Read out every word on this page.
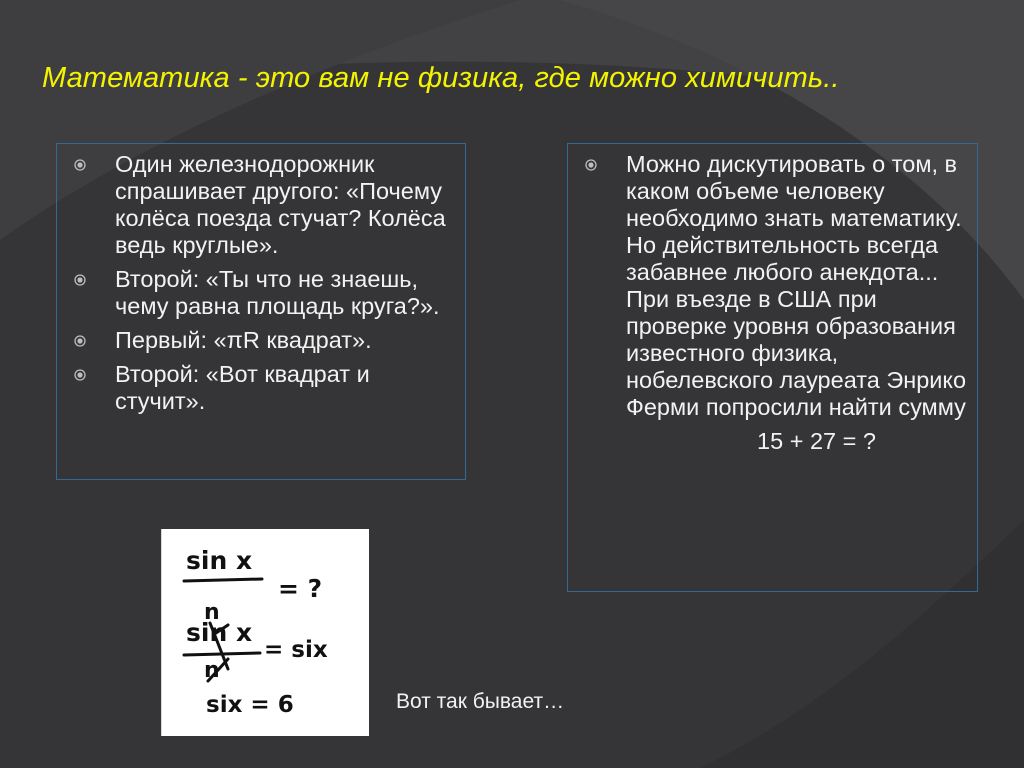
Математика - это вам не физика, где можно химичить..
Один железнодорожник спрашивает другого: «Почему колёса поезда стучат? Колёса ведь круглые».
Второй: «Ты что не знаешь, чему равна площадь круга?».
Первый: «πR квадрат».
Второй: «Вот квадрат и стучит».
Можно дискутировать о том, в каком объеме человеку необходимо знать математику. Но действительность всегда забавнее любого анекдота... При въезде в США при проверке уровня образования известного физика, нобелевского лауреата Энрико Ферми попросили найти сумму
15 + 27 = ?
sin x
= ?
n
sin x
= six
n
six = 6	Вот так бывает…
